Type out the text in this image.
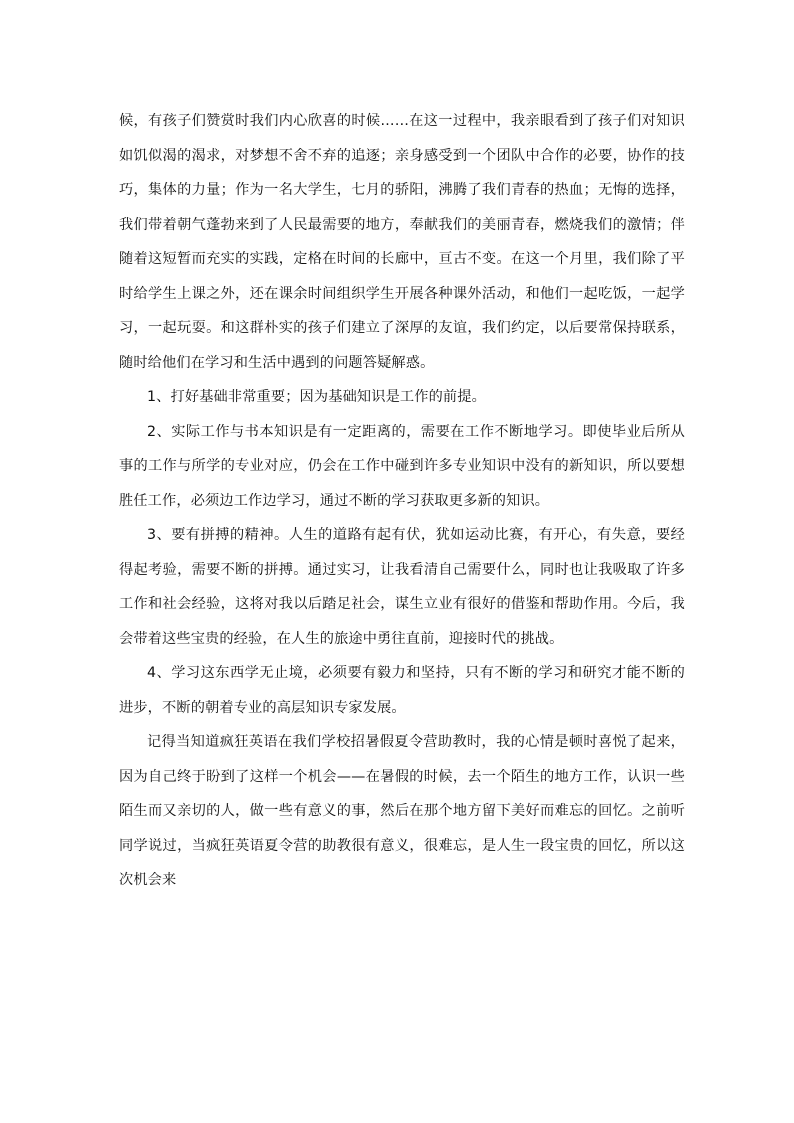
候，有孩子们赞赏时我们内心欣喜的时候……在这一过程中，我亲眼看到了孩子们对知识如饥似渴的渴求，对梦想不舍不弃的追逐；亲身感受到一个团队中合作的必要，协作的技巧，集体的力量；作为一名大学生，七月的骄阳，沸腾了我们青春的热血；无悔的选择，我们带着朝气蓬勃来到了人民最需要的地方，奉献我们的美丽青春，燃烧我们的激情；伴随着这短暂而充实的实践，定格在时间的长廊中，亘古不变。在这一个月里，我们除了平时给学生上课之外，还在课余时间组织学生开展各种课外活动，和他们一起吃饭，一起学习，一起玩耍。和这群朴实的孩子们建立了深厚的友谊，我们约定，以后要常保持联系，随时给他们在学习和生活中遇到的问题答疑解惑。

1、打好基础非常重要；因为基础知识是工作的前提。

2、实际工作与书本知识是有一定距离的，需要在工作不断地学习。即使毕业后所从事的工作与所学的专业对应，仍会在工作中碰到许多专业知识中没有的新知识，所以要想胜任工作，必须边工作边学习，通过不断的学习获取更多新的知识。

3、要有拼搏的精神。人生的道路有起有伏，犹如运动比赛，有开心，有失意，要经得起考验，需要不断的拼搏。通过实习，让我看清自己需要什么，同时也让我吸取了许多工作和社会经验，这将对我以后踏足社会，谋生立业有很好的借鉴和帮助作用。今后，我会带着这些宝贵的经验，在人生的旅途中勇往直前，迎接时代的挑战。

4、学习这东西学无止境，必须要有毅力和坚持，只有不断的学习和研究才能不断的进步，不断的朝着专业的高层知识专家发展。

记得当知道疯狂英语在我们学校招暑假夏令营助教时，我的心情是顿时喜悦了起来，因为自己终于盼到了这样一个机会——在暑假的时候，去一个陌生的地方工作，认识一些陌生而又亲切的人，做一些有意义的事，然后在那个地方留下美好而难忘的回忆。之前听同学说过，当疯狂英语夏令营的助教很有意义，很难忘，是人生一段宝贵的回忆，所以这次机会来
